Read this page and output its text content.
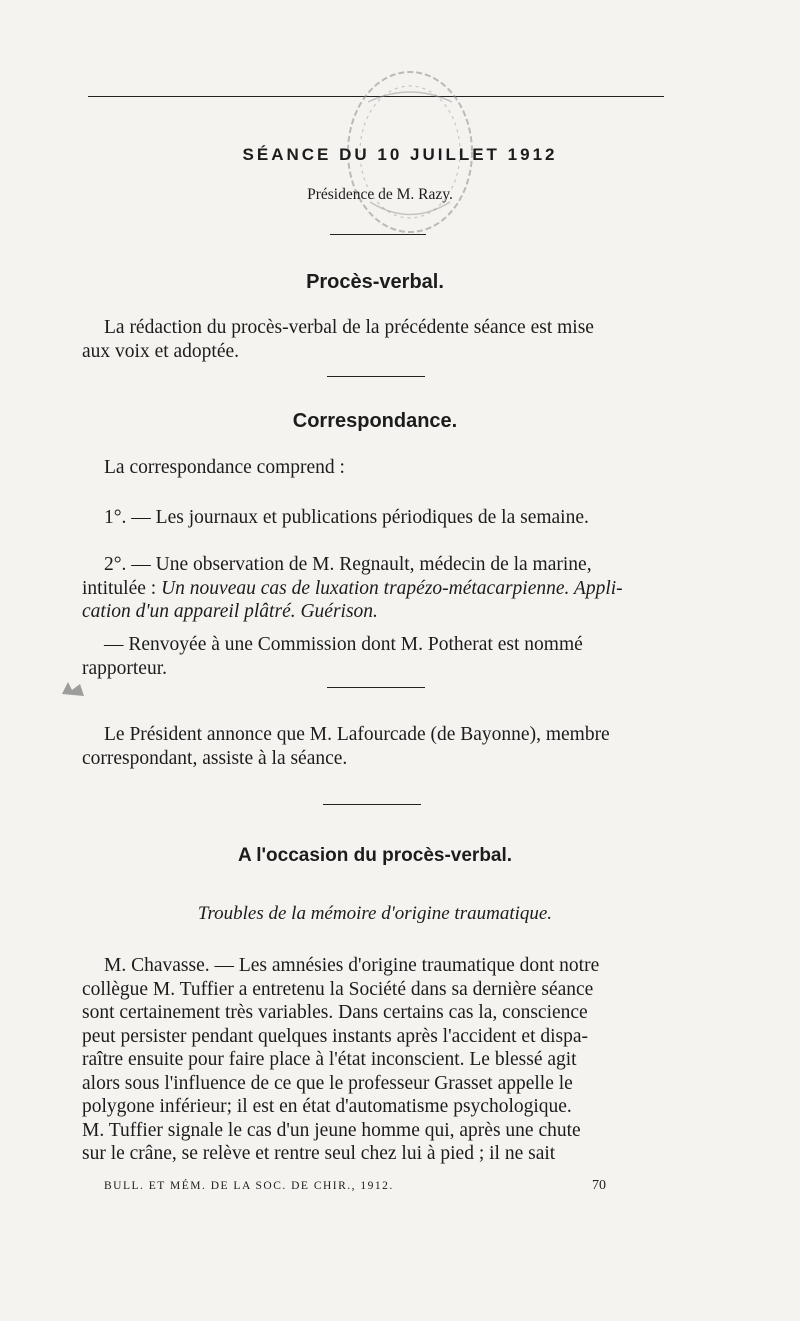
SÉANCE DU 10 JUILLET 1912
Présidence de M. Razy.
Procès-verbal.
La rédaction du procès-verbal de la précédente séance est mise
aux voix et adoptée.
Correspondance.
La correspondance comprend :
1°. — Les journaux et publications périodiques de la semaine.
2°. — Une observation de M. Regnault, médecin de la marine,
intitulée : Un nouveau cas de luxation trapézo-métacarpienne. Appli-
cation d'un appareil plâtré. Guérison.
— Renvoyée à une Commission dont M. Potherat est nommé
rapporteur.
Le Président annonce que M. Lafourcade (de Bayonne), membre
correspondant, assiste à la séance.
A l'occasion du procès-verbal.
Troubles de la mémoire d'origine traumatique.
M. Chavasse. — Les amnésies d'origine traumatique dont notre
collègue M. Tuffier a entretenu la Société dans sa dernière séance
sont certainement très variables. Dans certains cas la, conscience
peut persister pendant quelques instants après l'accident et dispa-
raître ensuite pour faire place à l'état inconscient. Le blessé agit
alors sous l'influence de ce que le professeur Grasset appelle le
polygone inférieur; il est en état d'automatisme psychologique.
M. Tuffier signale le cas d'un jeune homme qui, après une chute
sur le crâne, se relève et rentre seul chez lui à pied ; il ne sait
BULL. ET MÉM. DE LA SOC. DE CHIR., 1912.	70
